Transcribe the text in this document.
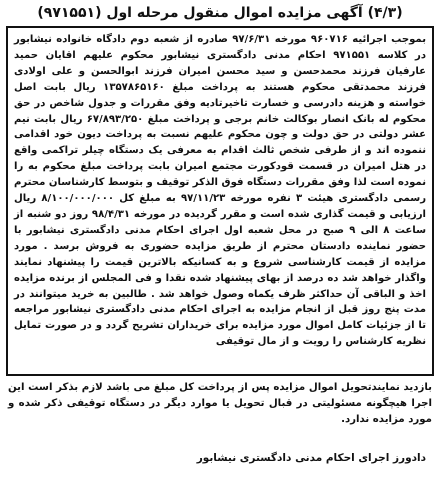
(۴/۳) آگهی مزایده اموال منقول مرحله اول (۹۷۱۵۵۱)

بموجب اجرائیه ۹۶۰۷۱۶ مورخه ۹۷/۶/۳۱ صادره از شعبه دوم دادگاه خانواده نیشابور در کلاسه ۹۷۱۵۵۱ احکام مدنی دادگستری نیشابور محکوم علیهم اقایان حمید عارفیان فرزند محمدحسن و سید محسن امیران فرزند ابوالحسن و علی اولادی فرزند محمدتقی محکوم هستند به پرداخت مبلغ ۱۳۵۷۸۶۵۱۶۰ ریال بابت اصل خواسته و هزینه دادرسی و خسارت تاخیرتادیه وفق مقررات و جدول شاخص در حق محکوم له بانک انصار بوکالت خانم برجی و پرداخت مبلغ ۶۷/۸۹۳/۲۵۰ ریال بابت نیم عشر دولتی در حق دولت و چون محکوم علیهم نسبت به پرداخت دیون خود اقدامی ننموده اند و از طرفی شخص ثالث اقدام به معرفی یک دستگاه چیلر تراکمی واقع در هتل امیران در قسمت قودکورت مجتمع امیران بابت پرداخت مبلغ محکوم به را نموده است لذا وفق مقررات دستگاه فوق الذکر توقیف و بتوسط کارشناسان محترم رسمی دادگستری هیئت ۳ نفره مورخه ۹۷/۱۱/۲۳ به مبلغ کل ۸/۱۰۰/۰۰۰/۰۰۰ ریال ارزیابی و قیمت گذاری شده است و مقرر گردیده در مورخه ۹۸/۴/۳۱ روز دو شنبه از ساعت ۸ الی ۹ صبح در محل شعبه اول اجرای احکام مدنی دادگستری نیشابور با حضور نماینده دادستان محترم از طریق مزایده حضوری به فروش برسد . مورد مزایده از قیمت کارشناسی شروع و به کسانیکه بالاترین قیمت را پیشنهاد نمایند واگذار خواهد شد ده درصد از بهای پیشنهاد شده نقدا و فی المجلس از برنده مزایده اخذ و الباقی آن حداکثر ظرف یکماه وصول خواهد شد . طالبین به خرید میتوانند در مدت پنج روز قبل از انجام مزایده به اجرای احکام مدنی دادگستری نیشابور مراجعه تا از جزئیات کامل اموال مورد مزایده برای خریداران تشریح گردد و در صورت تمایل نظریه کارشناس را رویت و از مال توقیفی

بازدید نمایندتحویل اموال مزایده پس از پرداخت کل مبلغ می باشد لازم بذکر است این اجرا هیچگونه مسئولیتی در قبال تحویل یا موارد دیگر در دستگاه توقیفی ذکر شده و مورد مزایده ندارد.

دادورز اجرای احکام مدنی دادگستری نیشابور
